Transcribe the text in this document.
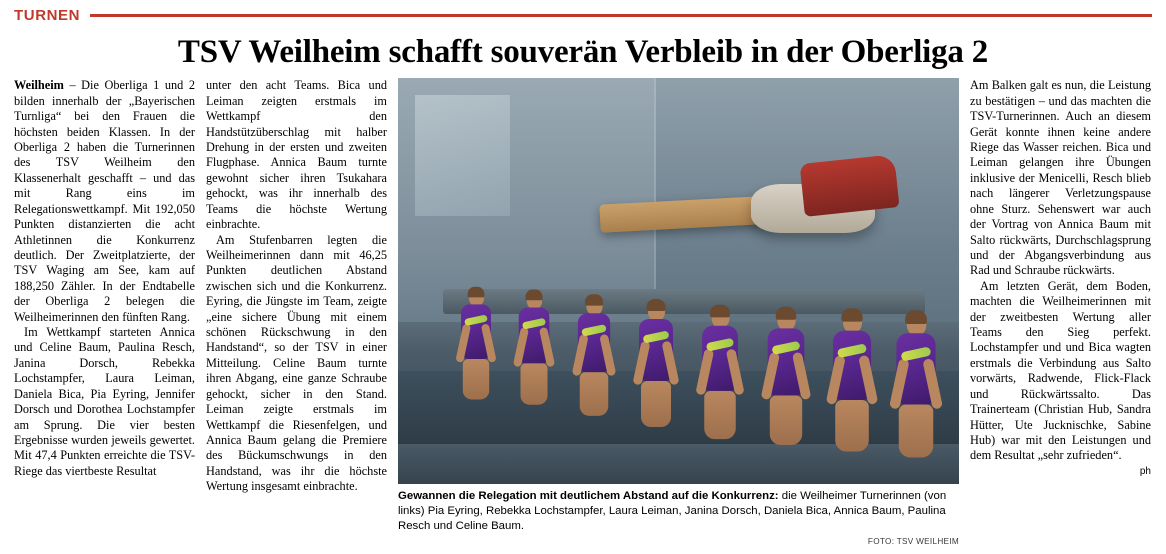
TURNEN
TSV Weilheim schafft souverän Verbleib in der Oberliga 2

Weilheim – Die Oberliga 1 und 2 bilden innerhalb der „Bayerischen Turnliga“ bei den Frauen die höchsten beiden Klassen. In der Oberliga 2 haben die Turnerinnen des TSV Weilheim den Klassenerhalt geschafft – und das mit Rang eins im Relegationswettkampf. Mit 192,050 Punkten distanzierten die acht Athletinnen die Konkurrenz deutlich. Der Zweitplatzierte, der TSV Waging am See, kam auf 188,250 Zähler. In der Endtabelle der Oberliga 2 belegen die Weilheimerinnen den fünften Rang.

Im Wettkampf starteten Annica und Celine Baum, Paulina Resch, Janina Dorsch, Rebekka Lochstampfer, Laura Leiman, Daniela Bica, Pia Eyring, Jennifer Dorsch und Dorothea Lochstampfer am Sprung. Die vier besten Ergebnisse wurden jeweils gewertet. Mit 47,4 Punkten erreichte die TSV-Riege das viertbeste Resultat

unter den acht Teams. Bica und Leiman zeigten erstmals im Wettkampf den Handstützüberschlag mit halber Drehung in der ersten und zweiten Flugphase. Annica Baum turnte gewohnt sicher ihren Tsukahara gehockt, was ihr innerhalb des Teams die höchste Wertung einbrachte.

Am Stufenbarren legten die Weilheimerinnen dann mit 46,25 Punkten deutlichen Abstand zwischen sich und die Konkurrenz. Eyring, die Jüngste im Team, zeigte „eine sichere Übung mit einem schönen Rückschwung in den Handstand“, so der TSV in einer Mitteilung. Celine Baum turnte ihren Abgang, eine ganze Schraube gehockt, sicher in den Stand. Leiman zeigte erstmals im Wettkampf die Riesenfelgen, und Annica Baum gelang die Premiere des Bückumschwungs in den Handstand, was ihr die höchste Wertung insgesamt einbrachte.

Gewannen die Relegation mit deutlichem Abstand auf die Konkurrenz: die Weilheimer Turnerinnen (von links) Pia Eyring, Rebekka Lochstampfer, Laura Leiman, Janina Dorsch, Daniela Bica, Annica Baum, Paulina Resch und Celine Baum.
FOTO: TSV WEILHEIM

Am Balken galt es nun, die Leistung zu bestätigen – und das machten die TSV-Turnerinnen. Auch an diesem Gerät konnte ihnen keine andere Riege das Wasser reichen. Bica und Leiman gelangen ihre Übungen inklusive der Menicelli, Resch blieb nach längerer Verletzungspause ohne Sturz. Sehenswert war auch der Vortrag von Annica Baum mit Salto rückwärts, Durchschlagsprung und der Abgangsverbindung aus Rad und Schraube rückwärts.

Am letzten Gerät, dem Boden, machten die Weilheimerinnen mit der zweitbesten Wertung aller Teams den Sieg perfekt. Lochstampfer und und Bica wagten erstmals die Verbindung aus Salto vorwärts, Radwende, Flick-Flack und Rückwärtssalto. Das Trainerteam (Christian Hub, Sandra Hütter, Ute Jucknischke, Sabine Hub) war mit den Leistungen und dem Resultat „sehr zufrieden“.

ph
